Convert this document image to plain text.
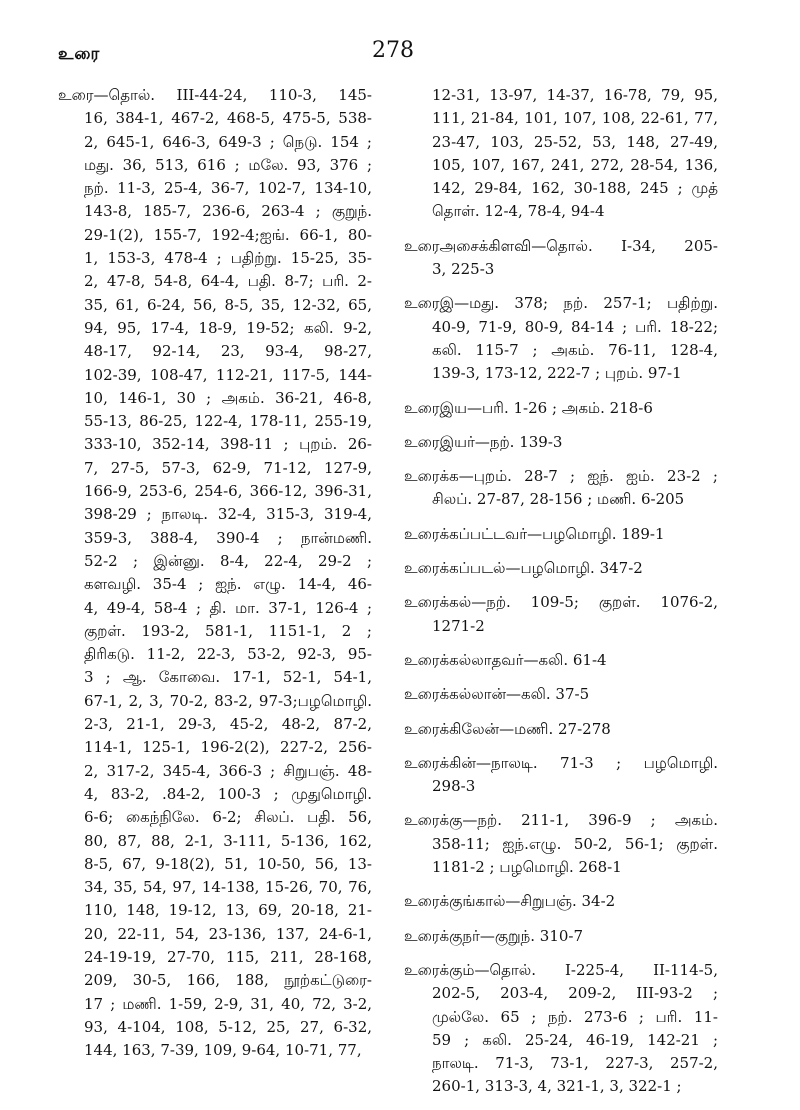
உரை	278
உரை—தொல். III-44-24, 110-3, 145-
16, 384-1, 467-2, 468-5, 475-5, 538-
2, 645-1, 646-3, 649-3 ; நெடு. 154 ;
மது. 36, 513, 616 ; மலே. 93, 376 ;
நற். 11-3, 25-4, 36-7, 102-7, 134-10,
143-8, 185-7, 236-6, 263-4 ; குறுந்.
29-1(2), 155-7, 192-4;ஐங். 66-1, 80-
1, 153-3, 478-4 ; பதிற்று. 15-25, 35-
2, 47-8, 54-8, 64-4, பதி. 8-7; பரி. 2-
35, 61, 6-24, 56, 8-5, 35, 12-32, 65,
94, 95, 17-4, 18-9, 19-52; கலி. 9-2,
48-17, 92-14, 23, 93-4, 98-27,
102-39, 108-47, 112-21, 117-5, 144-
10, 146-1, 30 ; அகம். 36-21, 46-8,
55-13, 86-25, 122-4, 178-11, 255-19,
333-10, 352-14, 398-11 ; புறம். 26-
7, 27-5, 57-3, 62-9, 71-12, 127-9,
166-9, 253-6, 254-6, 366-12, 396-31,
398-29 ; நாலடி. 32-4, 315-3, 319-4,
359-3, 388-4, 390-4 ; நான்மணி.
52-2 ; இன்னு. 8-4, 22-4, 29-2 ;
களவழி. 35-4 ; ஐந். எழு. 14-4, 46-
4, 49-4, 58-4 ; தி. மா. 37-1, 126-4 ;
குறள். 193-2, 581-1, 1151-1, 2 ;
திரிகடு. 11-2, 22-3, 53-2, 92-3, 95-
3 ; ஆ. கோவை. 17-1, 52-1, 54-1,
67-1, 2, 3, 70-2, 83-2, 97-3;பழமொழி.
2-3, 21-1, 29-3, 45-2, 48-2, 87-2,
114-1, 125-1, 196-2(2), 227-2, 256-
2, 317-2, 345-4, 366-3 ; சிறுபஞ். 48-
4, 83-2, .84-2, 100-3 ; முதுமொழி.
6-6; கைந்நிலே. 6-2; சிலப். பதி. 56,
80, 87, 88, 2-1, 3-111, 5-136, 162,
8-5, 67, 9-18(2), 51, 10-50, 56, 13-
34, 35, 54, 97, 14-138, 15-26, 70, 76,
110, 148, 19-12, 13, 69, 20-18, 21-
20, 22-11, 54, 23-136, 137, 24-6-1,
24-19-19, 27-70, 115, 211, 28-168,
209, 30-5, 166, 188, நூற்கட்டுரை-
17 ; மணி. 1-59, 2-9, 31, 40, 72, 3-2,
93, 4-104, 108, 5-12, 25, 27, 6-32,
144, 163, 7-39, 109, 9-64, 10-71, 77,
12-31, 13-97, 14-37, 16-78, 79, 95,
111, 21-84, 101, 107, 108, 22-61, 77,
23-47, 103, 25-52, 53, 148, 27-49,
105, 107, 167, 241, 272, 28-54, 136,
142, 29-84, 162, 30-188, 245 ; முத்
தொள். 12-4, 78-4, 94-4
உரைஅசைக்கிளவி—தொல். I-34, 205-
3, 225-3
உரைஇ—மது. 378; நற். 257-1; பதிற்று.
40-9, 71-9, 80-9, 84-14 ; பரி. 18-22;
கலி. 115-7 ; அகம். 76-11, 128-4,
139-3, 173-12, 222-7 ; புறம். 97-1
உரைஇய—பரி. 1-26 ; அகம். 218-6
உரைஇயர்—நற். 139-3
உரைக்க—புறம். 28-7 ; ஐந். ஐம். 23-2 ;
சிலப். 27-87, 28-156 ; மணி. 6-205
உரைக்கப்பட்டவர்—பழமொழி. 189-1
உரைக்கப்படல்—பழமொழி. 347-2
உரைக்கல்—நற். 109-5; குறள். 1076-2,
1271-2
உரைக்கல்லாதவர்—கலி. 61-4
உரைக்கல்லான்—கலி. 37-5
உரைக்கிலேன்—மணி. 27-278
உரைக்கின்—நாலடி. 71-3 ; பழமொழி.
298-3
உரைக்கு—நற். 211-1, 396-9 ; அகம்.
358-11; ஐந்.எழு. 50-2, 56-1; குறள்.
1181-2 ; பழமொழி. 268-1
உரைக்குங்கால்—சிறுபஞ். 34-2
உரைக்குநர்—குறுந். 310-7
உரைக்கும்—தொல். I-225-4, II-114-5,
202-5, 203-4, 209-2, III-93-2 ;
முல்லே. 65 ; நற். 273-6 ; பரி. 11-
59 ; கலி. 25-24, 46-19, 142-21 ;
நாலடி. 71-3, 73-1, 227-3, 257-2,
260-1, 313-3, 4, 321-1, 3, 322-1 ;
